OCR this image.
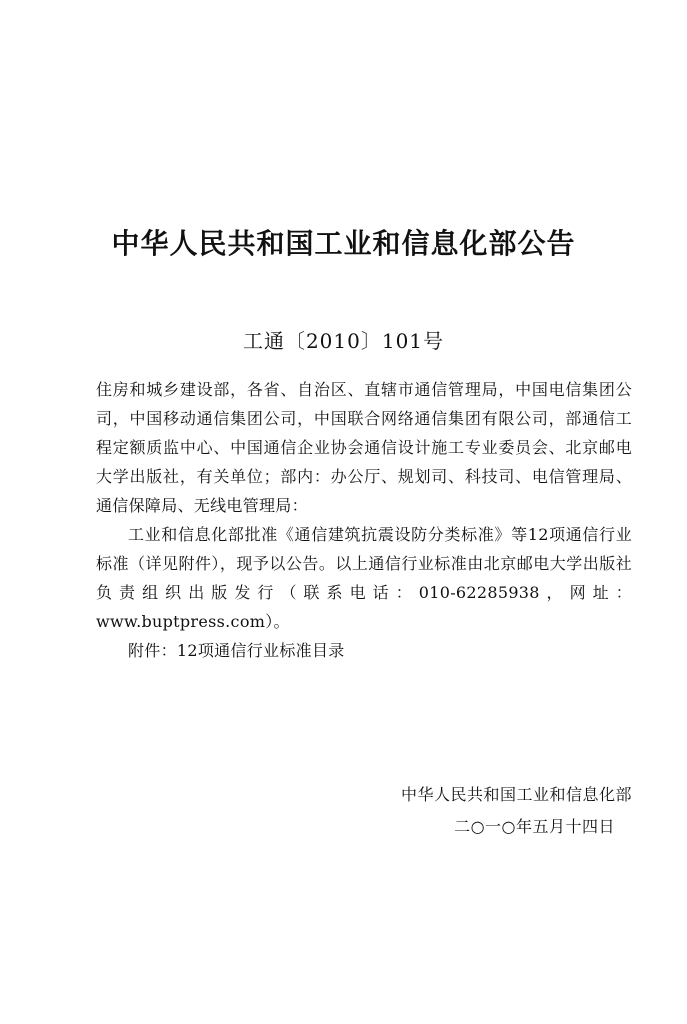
中华人民共和国工业和信息化部公告
工通〔2010〕101号

住房和城乡建设部，各省、自治区、直辖市通信管理局，中国电信集团公司，中国移动通信集团公司，中国联合网络通信集团有限公司，部通信工程定额质监中心、中国通信企业协会通信设计施工专业委员会、北京邮电大学出版社，有关单位；部内：办公厅、规划司、科技司、电信管理局、通信保障局、无线电管理局：

工业和信息化部批准《通信建筑抗震设防分类标准》等12项通信行业标准（详见附件），现予以公告。以上通信行业标准由北京邮电大学出版社负责组织出版发行（联系电话：010-62285938，网址：www.buptpress.com）。

附件：12项通信行业标准目录

中华人民共和国工业和信息化部
二○一○年五月十四日
